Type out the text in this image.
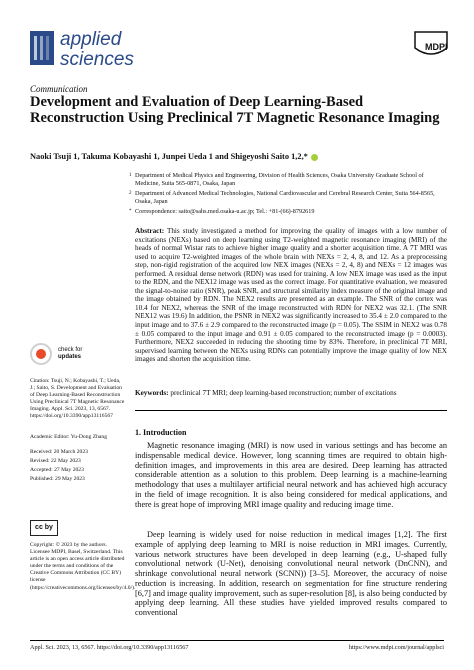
applied
sciences
MDPI
Communication
Development and Evaluation of Deep Learning-Based Reconstruction Using Preclinical 7T Magnetic Resonance Imaging
Naoki Tsuji 1, Takuma Kobayashi 1, Junpei Ueda 1 and Shigeyoshi Saito 1,2,*
1 Department of Medical Physics and Engineering, Division of Health Sciences, Osaka University Graduate School of Medicine, Suita 565-0871, Osaka, Japan
2 Department of Advanced Medical Technologies, National Cardiovascular and Cerebral Research Center, Suita 564-8565, Osaka, Japan
* Correspondence: saito@sahs.med.osaka-u.ac.jp; Tel.: +81-(66)-8792619
Abstract: This study investigated a method for improving the quality of images with a low number of excitations (NEXs) based on deep learning using T2-weighted magnetic resonance imaging (MRI) of the heads of normal Wistar rats to achieve higher image quality and a shorter acquisition time. A 7T MRI was used to acquire T2-weighted images of the whole brain with NEXs = 2, 4, 8, and 12. As a preprocessing step, non-rigid registration of the acquired low NEX images (NEXs = 2, 4, 8) and NEXs = 12 images was performed. A residual dense network (RDN) was used for training. A low NEX image was used as the input to the RDN, and the NEX12 image was used as the correct image. For quantitative evaluation, we measured the signal-to-noise ratio (SNR), peak SNR, and structural similarity index measure of the original image and the image obtained by RDN. The NEX2 results are presented as an example. The SNR of the cortex was 10.4 for NEX2, whereas the SNR of the image reconstructed with RDN for NEX2 was 32.1. (The SNR NEX12 was 19.6) In addition, the PSNR in NEX2 was significantly increased to 35.4 ± 2.0 compared to the input image and to 37.6 ± 2.9 compared to the reconstructed image (p = 0.05). The SSIM in NEX2 was 0.78 ± 0.05 compared to the input image and 0.91 ± 0.05 compared to the reconstructed image (p = 0.0003). Furthermore, NEX2 succeeded in reducing the shooting time by 83%. Therefore, in preclinical 7T MRI, supervised learning between the NEXs using RDNs can potentially improve the image quality of low NEX images and shorten the acquisition time.
Keywords: preclinical 7T MRI; deep learning-based reconstruction; number of excitations
check for
updates
Citation: Tsuji, N.; Kobayashi, T.; Ueda, J.; Saito, S. Development and Evaluation of Deep Learning-Based Reconstruction Using Preclinical 7T Magnetic Resonance Imaging. Appl. Sci. 2023, 13, 6567. https://doi.org/10.3390/app13116567
Academic Editor: Yu-Dong Zhang
Received: 20 March 2023
Revised: 22 May 2023
Accepted: 27 May 2023
Published: 29 May 2023
cc by
Copyright: © 2023 by the authors. Licensee MDPI, Basel, Switzerland. This article is an open access article distributed under the terms and conditions of the Creative Commons Attribution (CC BY) license (https://creativecommons.org/licenses/by/4.0/).
1. Introduction

Magnetic resonance imaging (MRI) is now used in various settings and has become an indispensable medical device. However, long scanning times are required to obtain high-definition images, and improvements in this area are desired. Deep learning has attracted considerable attention as a solution to this problem. Deep learning is a machine-learning methodology that uses a multilayer artificial neural network and has achieved high accuracy in the field of image recognition. It is also being considered for medical applications, and there is great hope of improving MRI image quality and reducing image time.

Deep learning is widely used for noise reduction in medical images [1,2]. The first example of applying deep learning to MRI is noise reduction in MRI images. Currently, various network structures have been developed in deep learning (e.g., U-shaped fully convolutional network (U-Net), denoising convolutional neural network (DnCNN), and shrinkage convolutional neural network (SCNN)) [3–5]. Moreover, the accuracy of noise reduction is increasing. In addition, research on segmentation for fine structure rendering [6,7] and image quality improvement, such as super-resolution [8], is also being conducted by applying deep learning. All these studies have yielded improved results compared to conventional

Appl. Sci. 2023, 13, 6567. https://doi.org/10.3390/app13116567	https://www.mdpi.com/journal/applsci
